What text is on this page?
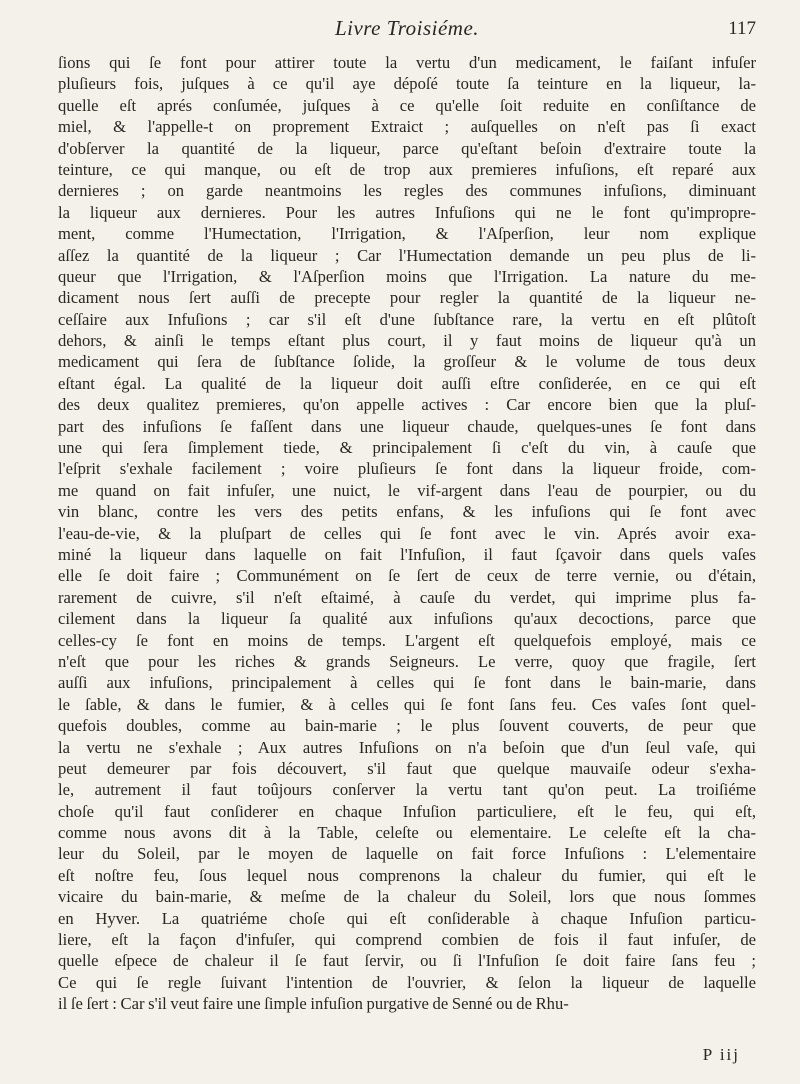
Livre Troisiéme.	117
ſions qui ſe font pour attirer toute la vertu d'un medicament, le faiſant infuſer
pluſieurs fois, juſques à ce qu'il aye dépoſé toute ſa teinture en la liqueur, la-
quelle eſt aprés conſumée, juſques à ce qu'elle ſoit reduite en conſiſtance de
miel, & l'appelle-t on proprement Extraict ; auſquelles on n'eſt pas ſi exact
d'obſerver la quantité de la liqueur, parce qu'eſtant beſoin d'extraire toute la
teinture, ce qui manque, ou eſt de trop aux premieres infuſions, eſt reparé aux
dernieres ; on garde neantmoins les regles des communes infuſions, diminuant
la liqueur aux dernieres. Pour les autres Infuſions qui ne le font qu'impropre-
ment, comme l'Humectation, l'Irrigation, & l'Aſperſion, leur nom explique
aſſez la quantité de la liqueur ; Car l'Humectation demande un peu plus de li-
queur que l'Irrigation, & l'Aſperſion moins que l'Irrigation. La nature du me-
dicament nous ſert auſſi de precepte pour regler la quantité de la liqueur ne-
ceſſaire aux Infuſions ; car s'il eſt d'une ſubſtance rare, la vertu en eſt plûtoſt
dehors, & ainſi le temps eſtant plus court, il y faut moins de liqueur qu'à un
medicament qui ſera de ſubſtance ſolide, la groſſeur & le volume de tous deux
eſtant égal. La qualité de la liqueur doit auſſi eſtre conſiderée, en ce qui eſt
des deux qualitez premieres, qu'on appelle actives : Car encore bien que la pluſ-
part des infuſions ſe faſſent dans une liqueur chaude, quelques-unes ſe font dans
une qui ſera ſimplement tiede, & principalement ſi c'eſt du vin, à cauſe que
l'eſprit s'exhale facilement ; voire pluſieurs ſe font dans la liqueur froide, com-
me quand on fait infuſer, une nuict, le vif-argent dans l'eau de pourpier, ou du
vin blanc, contre les vers des petits enfans, & les infuſions qui ſe font avec
l'eau-de-vie, & la pluſpart de celles qui ſe font avec le vin. Aprés avoir exa-
miné la liqueur dans laquelle on fait l'Infuſion, il faut ſçavoir dans quels vaſes
elle ſe doit faire ; Communément on ſe ſert de ceux de terre vernie, ou d'étain,
rarement de cuivre, s'il n'eſt eſtaimé, à cauſe du verdet, qui imprime plus fa-
cilement dans la liqueur ſa qualité aux infuſions qu'aux decoctions, parce que
celles-cy ſe font en moins de temps. L'argent eſt quelquefois employé, mais ce
n'eſt que pour les riches & grands Seigneurs. Le verre, quoy que fragile, ſert
auſſi aux infuſions, principalement à celles qui ſe font dans le bain-marie, dans
le ſable, & dans le fumier, & à celles qui ſe font ſans feu. Ces vaſes ſont quel-
quefois doubles, comme au bain-marie ; le plus ſouvent couverts, de peur que
la vertu ne s'exhale ; Aux autres Infuſions on n'a beſoin que d'un ſeul vaſe, qui
peut demeurer par fois découvert, s'il faut que quelque mauvaiſe odeur s'exha-
le, autrement il faut toûjours conſerver la vertu tant qu'on peut. La troiſiéme
choſe qu'il faut conſiderer en chaque Infuſion particuliere, eſt le feu, qui eſt,
comme nous avons dit à la Table, celeſte ou elementaire. Le celeſte eſt la cha-
leur du Soleil, par le moyen de laquelle on fait force Infuſions : L'elementaire
eſt noſtre feu, ſous lequel nous comprenons la chaleur du fumier, qui eſt le
vicaire du bain-marie, & meſme de la chaleur du Soleil, lors que nous ſommes
en Hyver. La quatriéme choſe qui eſt conſiderable à chaque Infuſion particu-
liere, eſt la façon d'infuſer, qui comprend combien de fois il faut infuſer, de
quelle eſpece de chaleur il ſe faut ſervir, ou ſi l'Infuſion ſe doit faire ſans feu ;
Ce qui ſe regle ſuivant l'intention de l'ouvrier, & ſelon la liqueur de laquelle
il ſe ſert : Car s'il veut faire une ſimple infuſion purgative de Senné ou de Rhu-
P iij
